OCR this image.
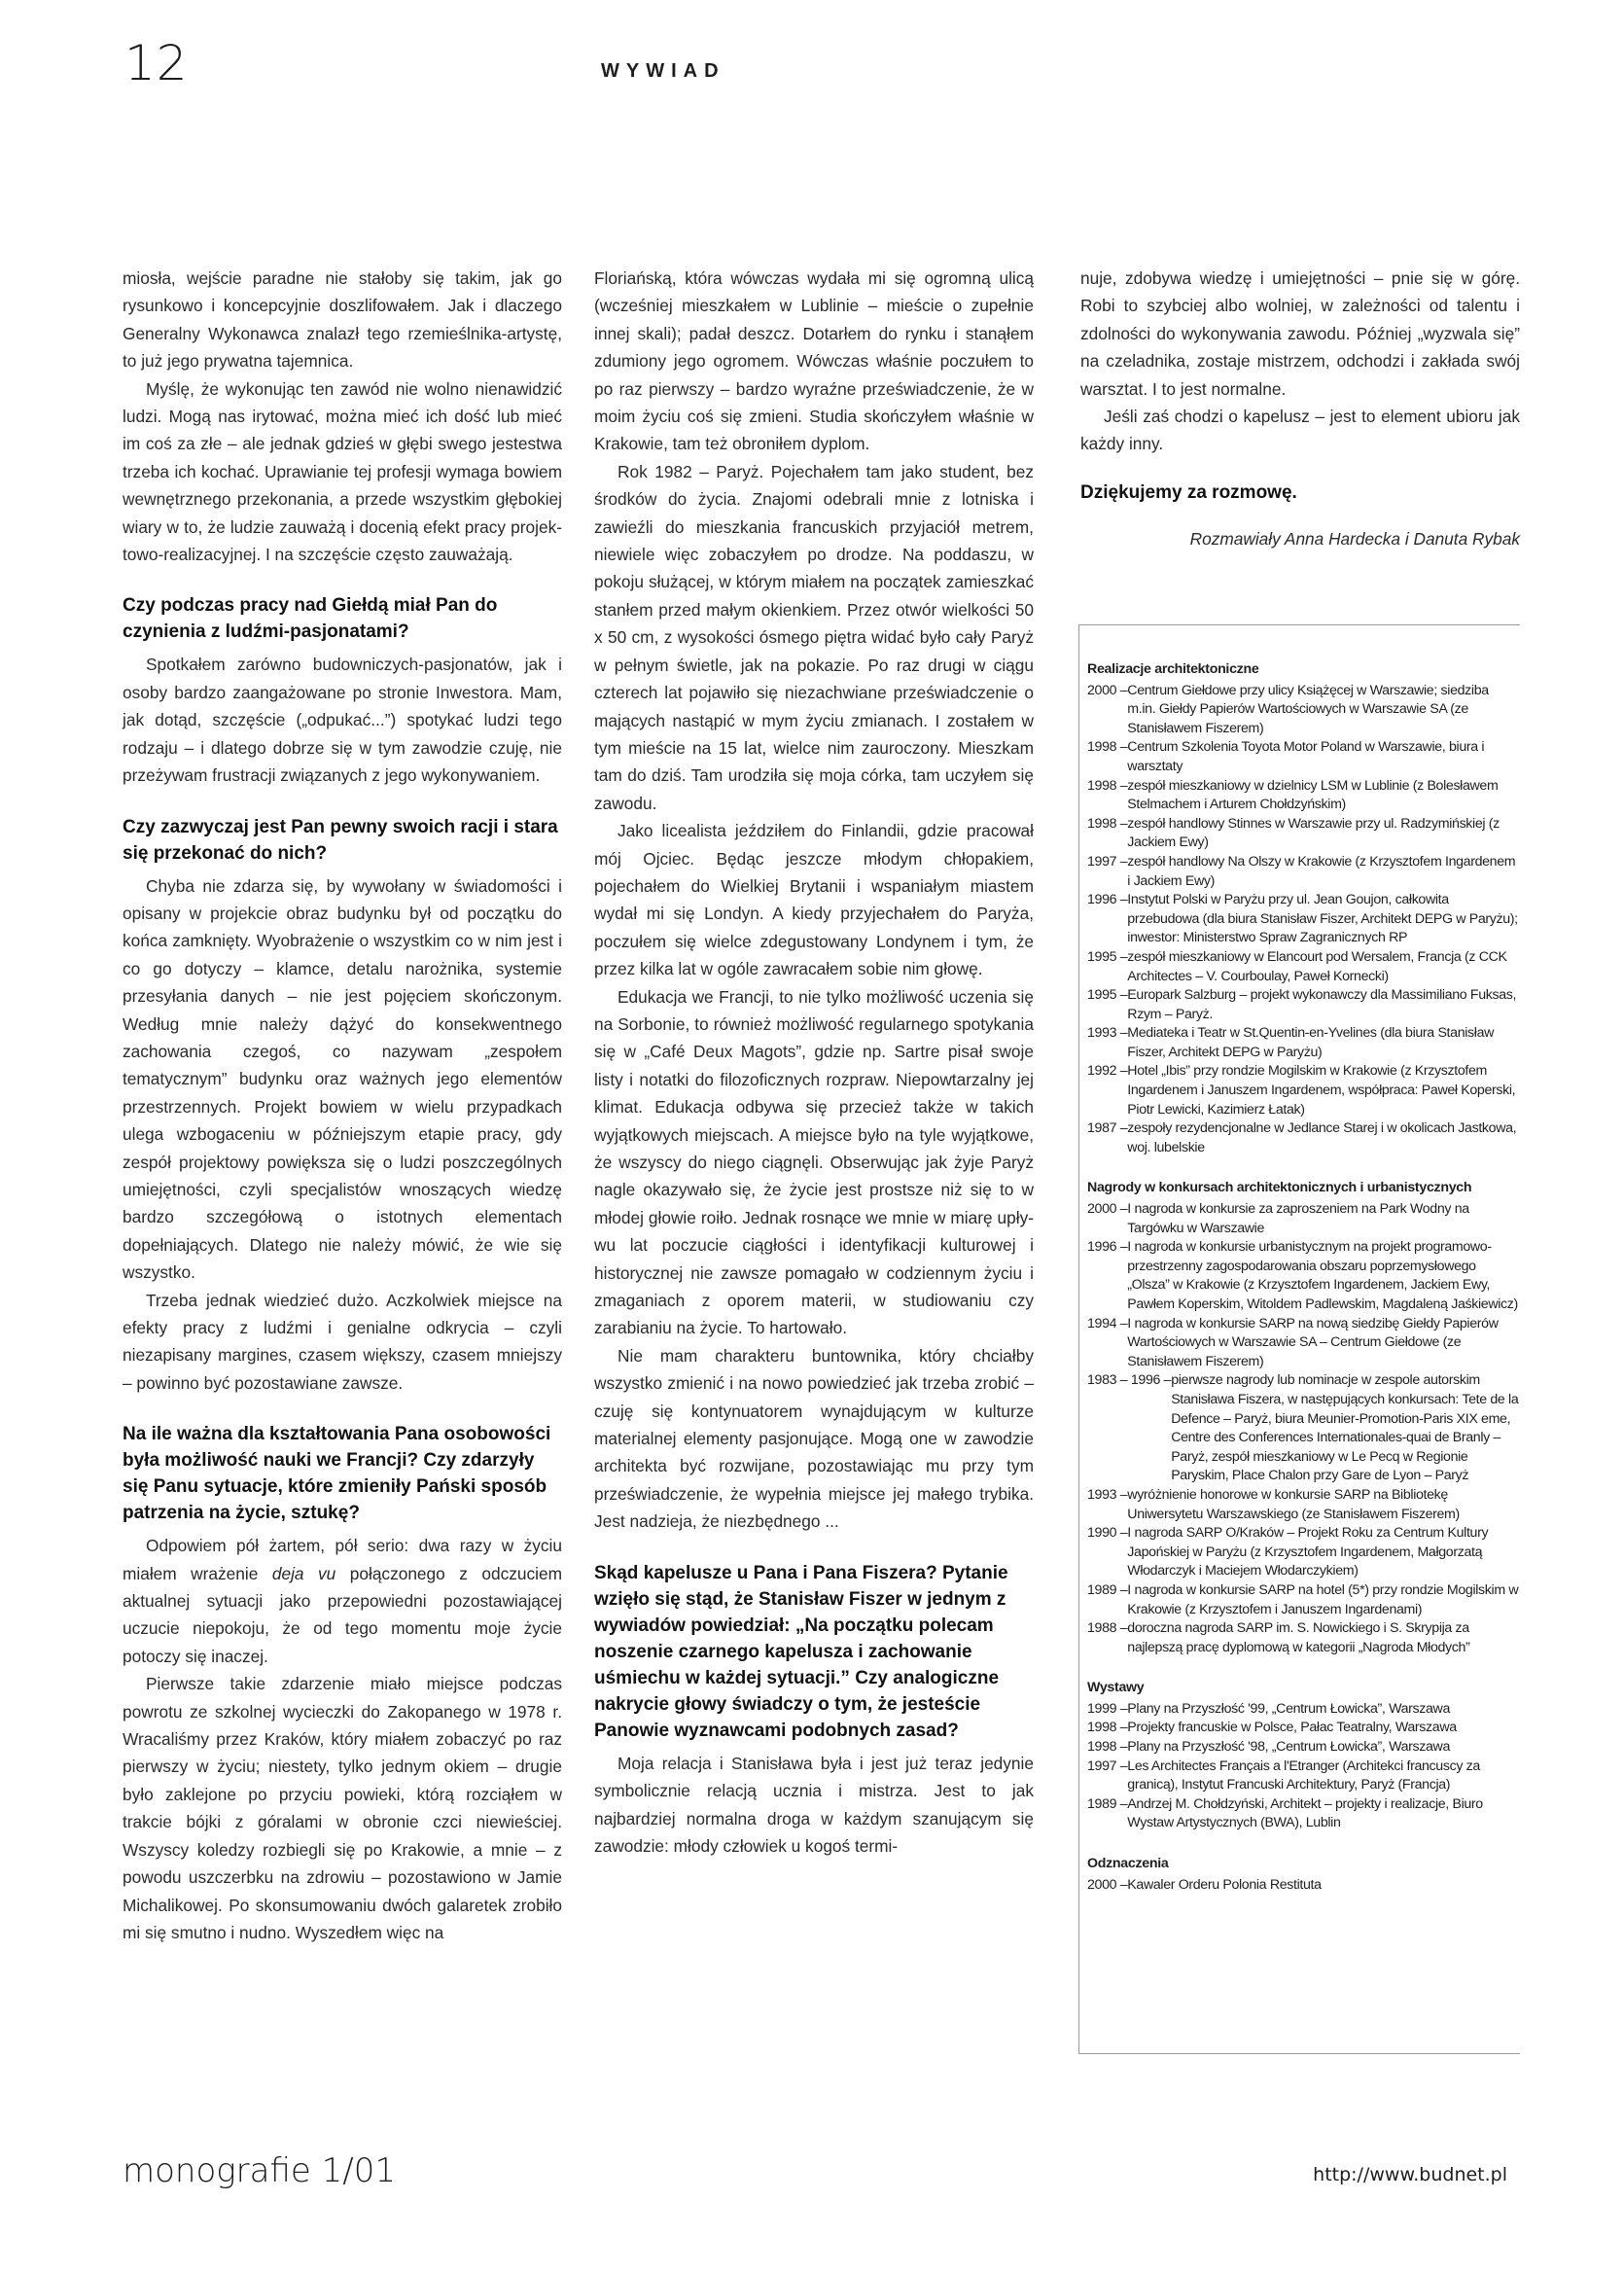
12	WYWIAD

miosła, wejście paradne nie stałoby się takim, jak go rysunkowo i koncepcyjnie doszlifowałem. Jak i dlaczego Generalny Wykonawca znalazł tego rzemieślnika-artystę, to już jego prywatna tajemnica.

Myślę, że wykonując ten zawód nie wolno nienawidzić ludzi. Mogą nas irytować, można mieć ich dość lub mieć im coś za złe – ale jednak gdzieś w głębi swego jestestwa trzeba ich kochać. Uprawianie tej profesji wymaga bowiem wewnętrznego przekonania, a przede wszystkim głębokiej wiary w to, że ludzie zauważą i docenią efekt pracy projektowo-realizacyjnej. I na szczęście często zauważają.

Czy podczas pracy nad Giełdą miał Pan do czynienia z ludźmi-pasjonatami?

Spotkałem zarówno budowniczych-pasjonatów, jak i osoby bardzo zaangażowane po stronie Inwestora. Mam, jak dotąd, szczęście („odpukać...”) spotykać ludzi tego rodzaju – i dlatego dobrze się w tym zawodzie czuję, nie przeżywam frustracji związanych z jego wykonywaniem.

Czy zazwyczaj jest Pan pewny swoich racji i stara się przekonać do nich?

Chyba nie zdarza się, by wywołany w świadomości i opisany w projekcie obraz budynku był od początku do końca zamknięty. Wyobrażenie o wszystkim co w nim jest i co go dotyczy – klamce, detalu narożnika, systemie przesyłania danych – nie jest pojęciem skończonym. Według mnie należy dążyć do konsekwentnego zachowania czegoś, co nazywam „zespołem tematycznym” budynku oraz ważnych jego elementów przestrzennych. Projekt bowiem w wielu przypadkach ulega wzbogaceniu w późniejszym etapie pracy, gdy zespół projektowy powiększa się o ludzi poszczególnych umiejętności, czyli specjalistów wnoszących wiedzę bardzo szczegółową o istotnych elementach dopełniających. Dlatego nie należy mówić, że wie się wszystko.

Trzeba jednak wiedzieć dużo. Aczkolwiek miejsce na efekty pracy z ludźmi i genialne odkrycia – czyli niezapisany margines, czasem większy, czasem mniejszy – powinno być pozostawiane zawsze.

Na ile ważna dla kształtowania Pana osobowości była możliwość nauki we Francji? Czy zdarzyły się Panu sytuacje, które zmieniły Pański sposób patrzenia na życie, sztukę?

Odpowiem pół żartem, pół serio: dwa razy w życiu miałem wrażenie deja vu połączonego z odczuciem aktualnej sytuacji jako przepowiedni pozostawiającej uczucie niepokoju, że od tego momentu moje życie potoczy się inaczej.

Pierwsze takie zdarzenie miało miejsce podczas powrotu ze szkolnej wycieczki do Zakopanego w 1978 r. Wracaliśmy przez Kraków, który miałem zobaczyć po raz pierwszy w życiu; niestety, tylko jednym okiem – drugie było zaklejone po przyciu powieki, którą rozciąłem w trakcie bójki z góralami w obronie czci niewieściej. Wszyscy koledzy rozbiegli się po Krakowie, a mnie – z powodu uszczerbku na zdrowiu – pozostawiono w Jamie Michalikowej. Po skonsumowaniu dwóch galaretek zrobiło mi się smutno i nudno. Wyszedłem więc na

Floriańską, która wówczas wydała mi się ogromną ulicą (wcześniej mieszkałem w Lublinie – mieście o zupełnie innej skali); padał deszcz. Dotarłem do rynku i stanąłem zdumiony jego ogromem. Wówczas właśnie poczułem to po raz pierwszy – bardzo wyraźne przeświadczenie, że w moim życiu coś się zmieni. Studia skończyłem właśnie w Krakowie, tam też obroniłem dyplom.

Rok 1982 – Paryż. Pojechałem tam jako student, bez środków do życia. Znajomi odebrali mnie z lotniska i zawieźli do mieszkania francuskich przyjaciół metrem, niewiele więc zobaczyłem po drodze. Na poddaszu, w pokoju służącej, w którym miałem na początek zamieszkać stanłem przed małym okienkiem. Przez otwór wielkości 50 x 50 cm, z wysokości ósmego piętra widać było cały Paryż w pełnym świetle, jak na pokazie. Po raz drugi w ciągu czterech lat pojawiło się niezachwiane przeświadczenie o mających nastąpić w mym życiu zmianach. I zostałem w tym mieście na 15 lat, wielce nim zauroczony. Mieszkam tam do dziś. Tam urodziła się moja córka, tam uczyłem się zawodu.

Jako licealista jeździłem do Finlandii, gdzie pracował mój Ojciec. Będąc jeszcze młodym chłopakiem, pojechałem do Wielkiej Brytanii i wspaniałym miastem wydał mi się Londyn. A kiedy przyjechałem do Paryża, poczułem się wielce zdegustowany Londynem i tym, że przez kilka lat w ogóle zawracałem sobie nim głowę.

Edukacja we Francji, to nie tylko możliwość uczenia się na Sorbonie, to również możliwość regularnego spotykania się w „Café Deux Magots”, gdzie np. Sartre pisał swoje listy i notatki do filozoficznych rozpraw. Niepowtarzalny jej klimat. Edukacja odbywa się przecież także w takich wyjątkowych miejscach. A miejsce było na tyle wyjątkowe, że wszyscy do niego ciągnęli. Obserwując jak żyje Paryż nagle okazywało się, że życie jest prostsze niż się to w młodej głowie roiło. Jednak rosnące we mnie w miarę upływu lat poczucie ciągłości i identyfikacji kulturowej i historycznej nie zawsze pomagało w codziennym życiu i zmaganiach z oporem materii, w studiowaniu czy zarabianiu na życie. To hartowało.

Nie mam charakteru buntownika, który chciałby wszystko zmienić i na nowo powiedzieć jak trzeba zrobić – czuję się kontynuatorem wynajdującym w kulturze materialnej elementy pasjonujące. Mogą one w zawodzie architekta być rozwijane, pozostawiając mu przy tym przeświadczenie, że wypełnia miejsce jej małego trybika. Jest nadzieja, że niezbędnego ...

Skąd kapelusze u Pana i Pana Fiszera? Pytanie wzięło się stąd, że Stanisław Fiszer w jednym z wywiadów powiedział: „Na początku polecam noszenie czarnego kapelusza i zachowanie uśmiechu w każdej sytuacji.” Czy analogiczne nakrycie głowy świadczy o tym, że jesteście Panowie wyznawcami podobnych zasad?

Moja relacja i Stanisława była i jest już teraz jedynie symbolicznie relacją ucznia i mistrza. Jest to jak najbardziej normalna droga w każdym szanującym się zawodzie: młody człowiek u kogoś termi-

nuje, zdobywa wiedzę i umiejętności – pnie się w górę. Robi to szybciej albo wolniej, w zależności od talentu i zdolności do wykonywania zawodu. Później „wyzwala się” na czeladnika, zostaje mistrzem, odchodzi i zakłada swój warsztat. I to jest normalne.

Jeśli zaś chodzi o kapelusz – jest to element ubioru jak każdy inny.

Dziękujemy za rozmowę.

Rozmawiały Anna Hardecka i Danuta Rybak

Realizacje architektoniczne
2000 – Centrum Giełdowe przy ulicy Książęcej w Warszawie; siedziba m.in. Giełdy Papierów Wartościowych w Warszawie SA (ze Stanisławem Fiszerem)
1998 – Centrum Szkolenia Toyota Motor Poland w Warszawie, biura i warsztaty
1998 – zespół mieszkaniowy w dzielnicy LSM w Lublinie (z Bolesławem Stelmachem i Arturem Chołdzyńskim)
1998 – zespół handlowy Stinnes w Warszawie przy ul. Radzymińskiej (z Jackiem Ewy)
1997 – zespół handlowy Na Olszy w Krakowie (z Krzysztofem Ingardenem i Jackiem Ewy)
1996 – Instytut Polski w Paryżu przy ul. Jean Goujon, całkowita przebudowa (dla biura Stanisław Fiszer, Architekt DEPG w Paryżu); inwestor: Ministerstwo Spraw Zagranicznych RP
1995 – zespół mieszkaniowy w Elancourt pod Wersalem, Francja (z CCK Architectes – V. Courboulay, Paweł Kornecki)
1995 – Europark Salzburg – projekt wykonawczy dla Massimiliano Fuksas, Rzym – Paryż.
1993 – Mediateka i Teatr w St.Quentin-en-Yvelines (dla biura Stanisław Fiszer, Architekt DEPG w Paryżu)
1992 – Hotel „Ibis” przy rondzie Mogilskim w Krakowie (z Krzysztofem Ingardenem i Januszem Ingardenem, współpraca: Paweł Koperski, Piotr Lewicki, Kazimierz Łatak)
1987 – zespoły rezydencjonalne w Jedlance Starej i w okolicach Jastkowa, woj. lubelskie
Nagrody w konkursach architektonicznych i urbanistycznych
2000 – I nagroda w konkursie za zaproszeniem na Park Wodny na Targówku w Warszawie
1996 – I nagroda w konkursie urbanistycznym na projekt programowo-przestrzenny zagospodarowania obszaru poprzemysłowego „Olsza” w Krakowie (z Krzysztofem Ingardenem, Jackiem Ewy, Pawłem Koperskim, Witoldem Padlewskim, Magdaleną Jaśkiewicz)
1994 – I nagroda w konkursie SARP na nową siedzibę Giełdy Papierów Wartościowych w Warszawie SA – Centrum Giełdowe (ze Stanisławem Fiszerem)
1983 – 1996 – pierwsze nagrody lub nominacje w zespole autorskim Stanisława Fiszera, w następujących konkursach: Tete de la Defence – Paryż, biura Meunier-Promotion-Paris XIX eme, Centre des Conferences Internationales-quai de Branly – Paryż, zespół mieszkaniowy w Le Pecq w Regionie Paryskim, Place Chalon przy Gare de Lyon – Paryż
1993 – wyróżnienie honorowe w konkursie SARP na Bibliotekę Uniwersytetu Warszawskiego (ze Stanisławem Fiszerem)
1990 – I nagroda SARP O/Kraków – Projekt Roku za Centrum Kultury Japońskiej w Paryżu (z Krzysztofem Ingardenem, Małgorzatą Włodarczyk i Maciejem Włodarczykiem)
1989 – I nagroda w konkursie SARP na hotel (5*) przy rondzie Mogilskim w Krakowie (z Krzysztofem i Januszem Ingardenami)
1988 – doroczna nagroda SARP im. S. Nowickiego i S. Skrypija za najlepszą pracę dyplomową w kategorii „Nagroda Młodych”
Wystawy
1999 – Plany na Przyszłość '99, „Centrum Łowicka”, Warszawa
1998 – Projekty francuskie w Polsce, Pałac Teatralny, Warszawa
1998 – Plany na Przyszłość '98, „Centrum Łowicka”, Warszawa
1997 – Les Architectes Français a l'Etranger (Architekci francuscy za granicą), Instytut Francuski Architektury, Paryż (Francja)
1989 – Andrzej M. Chołdzyński, Architekt – projekty i realizacje, Biuro Wystaw Artystycznych (BWA), Lublin
Odznaczenia
2000 – Kawaler Orderu Polonia Restituta
monografie 1/01	http://www.budnet.pl
